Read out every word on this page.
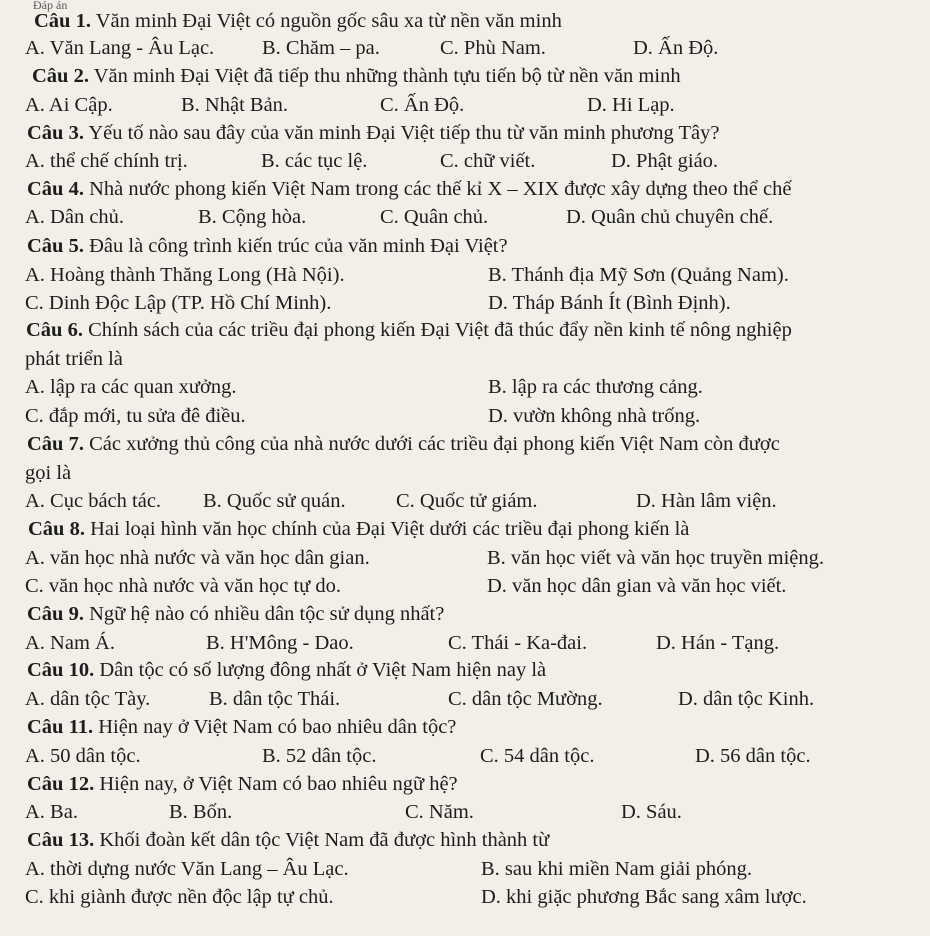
Đáp án
Câu 1. Văn minh Đại Việt có nguồn gốc sâu xa từ nền văn minh
A. Văn Lang - Âu Lạc. B. Chăm – pa.	C. Phù Nam.	D. Ấn Độ.
Câu 2. Văn minh Đại Việt đã tiếp thu những thành tựu tiến bộ từ nền văn minh
A. Ai Cập.	B. Nhật Bản.	C. Ấn Độ.	D. Hi Lạp.
Câu 3. Yếu tố nào sau đây của văn minh Đại Việt tiếp thu từ văn minh phương Tây?
A. thể chế chính trị.	B. các tục lệ.	C. chữ viết.	D. Phật giáo.
Câu 4. Nhà nước phong kiến Việt Nam trong các thế kỉ X – XIX được xây dựng theo thể chế
A. Dân chủ.	B. Cộng hòa.	C. Quân chủ.	D. Quân chủ chuyên chế.
Câu 5. Đâu là công trình kiến trúc của văn minh Đại Việt?
A. Hoàng thành Thăng Long (Hà Nội).	B. Thánh địa Mỹ Sơn (Quảng Nam).
C. Dinh Độc Lập (TP. Hồ Chí Minh).	D. Tháp Bánh Ít (Bình Định).
Câu 6. Chính sách của các triều đại phong kiến Đại Việt đã thúc đẩy nền kinh tế nông nghiệp
phát triển là
A. lập ra các quan xưởng.	B. lập ra các thương cảng.
C. đắp mới, tu sửa đê điều.	D. vườn không nhà trống.
Câu 7. Các xưởng thủ công của nhà nước dưới các triều đại phong kiến Việt Nam còn được
gọi là
A. Cục bách tác. B. Quốc sử quán. C. Quốc tử giám.	D. Hàn lâm viện.
Câu 8. Hai loại hình văn học chính của Đại Việt dưới các triều đại phong kiến là
A. văn học nhà nước và văn học dân gian.	B. văn học viết và văn học truyền miệng.
C. văn học nhà nước và văn học tự do.	D. văn học dân gian và văn học viết.
Câu 9. Ngữ hệ nào có nhiều dân tộc sử dụng nhất?
A. Nam Á.	B. H'Mông - Dao.	C. Thái - Ka-đai.	D. Hán - Tạng.
Câu 10. Dân tộc có số lượng đông nhất ở Việt Nam hiện nay là
A. dân tộc Tày.	B. dân tộc Thái.	C. dân tộc Mường.	D. dân tộc Kinh.
Câu 11. Hiện nay ở Việt Nam có bao nhiêu dân tộc?
A. 50 dân tộc.	B. 52 dân tộc.	C. 54 dân tộc.	D. 56 dân tộc.
Câu 12. Hiện nay, ở Việt Nam có bao nhiêu ngữ hệ?
A. Ba.	B. Bốn.	C. Năm.	D. Sáu.
Câu 13. Khối đoàn kết dân tộc Việt Nam đã được hình thành từ
A. thời dựng nước Văn Lang – Âu Lạc.	B. sau khi miền Nam giải phóng.
C. khi giành được nền độc lập tự chủ.	D. khi giặc phương Bắc sang xâm lược.
